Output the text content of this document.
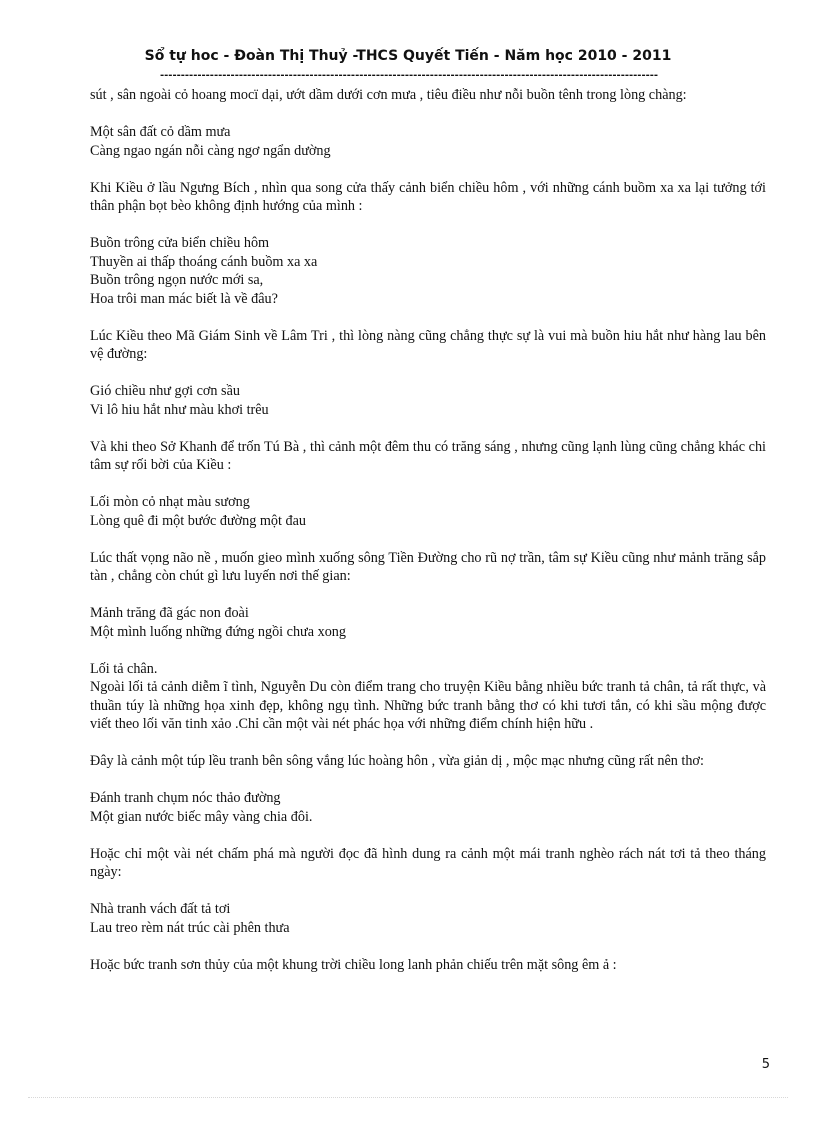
Sổ tự hoc - Đoàn Thị Thuỷ -THCS Quyết Tiến - Năm học 2010 - 2011
------------------------------------------------------------------------------------------------------------------------
sút , sân ngoài cỏ hoang mocï dại, ướt dầm dưới cơn mưa , tiêu điều như nỗi buồn tênh trong lòng chàng:
Một sân đất cỏ dầm mưa
Càng ngao ngán nỗi càng ngơ ngẩn dường
Khi Kiều ở lầu Ngưng Bích , nhìn qua song cửa thấy cảnh biển chiều hôm , với những cánh buồm xa xa lại tưởng tới thân phận bọt bèo không định hướng của mình :
Buồn trông cửa biển chiều hôm
Thuyền ai thấp thoáng cánh buồm xa xa
Buồn trông ngọn nước mới sa,
Hoa trôi man mác biết là về đâu?
Lúc Kiều theo Mã Giám Sinh về Lâm Tri , thì lòng nàng cũng chẳng thực sự là vui mà buồn hiu hắt như hàng lau bên vệ đường:
Gió chiều như gợi cơn sầu
Vi lô hiu hắt như màu khơi trêu
Và khi theo Sở Khanh để trốn Tú Bà , thì cảnh một đêm thu có trăng sáng , nhưng cũng lạnh lùng cũng chẳng khác chi tâm sự rối bời của Kiều :
Lối mòn cỏ nhạt màu sương
Lòng quê đi một bước đường một đau
Lúc thất vọng não nề , muốn gieo mình xuống sông Tiền Đường cho rũ nợ trần, tâm sự Kiều cũng như mảnh trăng sắp tàn , chẳng còn chút gì lưu luyến nơi thế gian:
Mảnh trăng đã gác non đoài
Một mình luống những đứng ngồi chưa xong
Lối tả chân.
Ngoài lối tả cảnh diễm ĩ tình, Nguyễn Du còn điểm trang cho truyện Kiều bằng nhiều bức tranh tả chân, tả rất thực, và thuần túy là những họa xinh đẹp, không ngụ tình. Những bức tranh bằng thơ có khi tươi tắn, có khi sầu mộng được viết theo lối văn tinh xảo .Chỉ cần một vài nét phác họa với những điểm chính hiện hữu .
Đây là cảnh một túp lều tranh bên sông vắng lúc hoàng hôn , vừa giản dị , mộc mạc nhưng cũng rất nên thơ:
Đánh tranh chụm nóc thảo đường
Một gian nước biếc mây vàng chia đôi.
Hoặc chỉ một vài nét chấm phá mà người đọc đã hình dung ra cảnh một mái tranh nghèo rách nát tơi tả theo tháng ngày:
Nhà tranh vách đất tả tơi
Lau treo rèm nát trúc cài phên thưa
Hoặc bức tranh sơn thủy của một khung trời chiều long lanh phản chiếu trên mặt sông êm ả :
5
